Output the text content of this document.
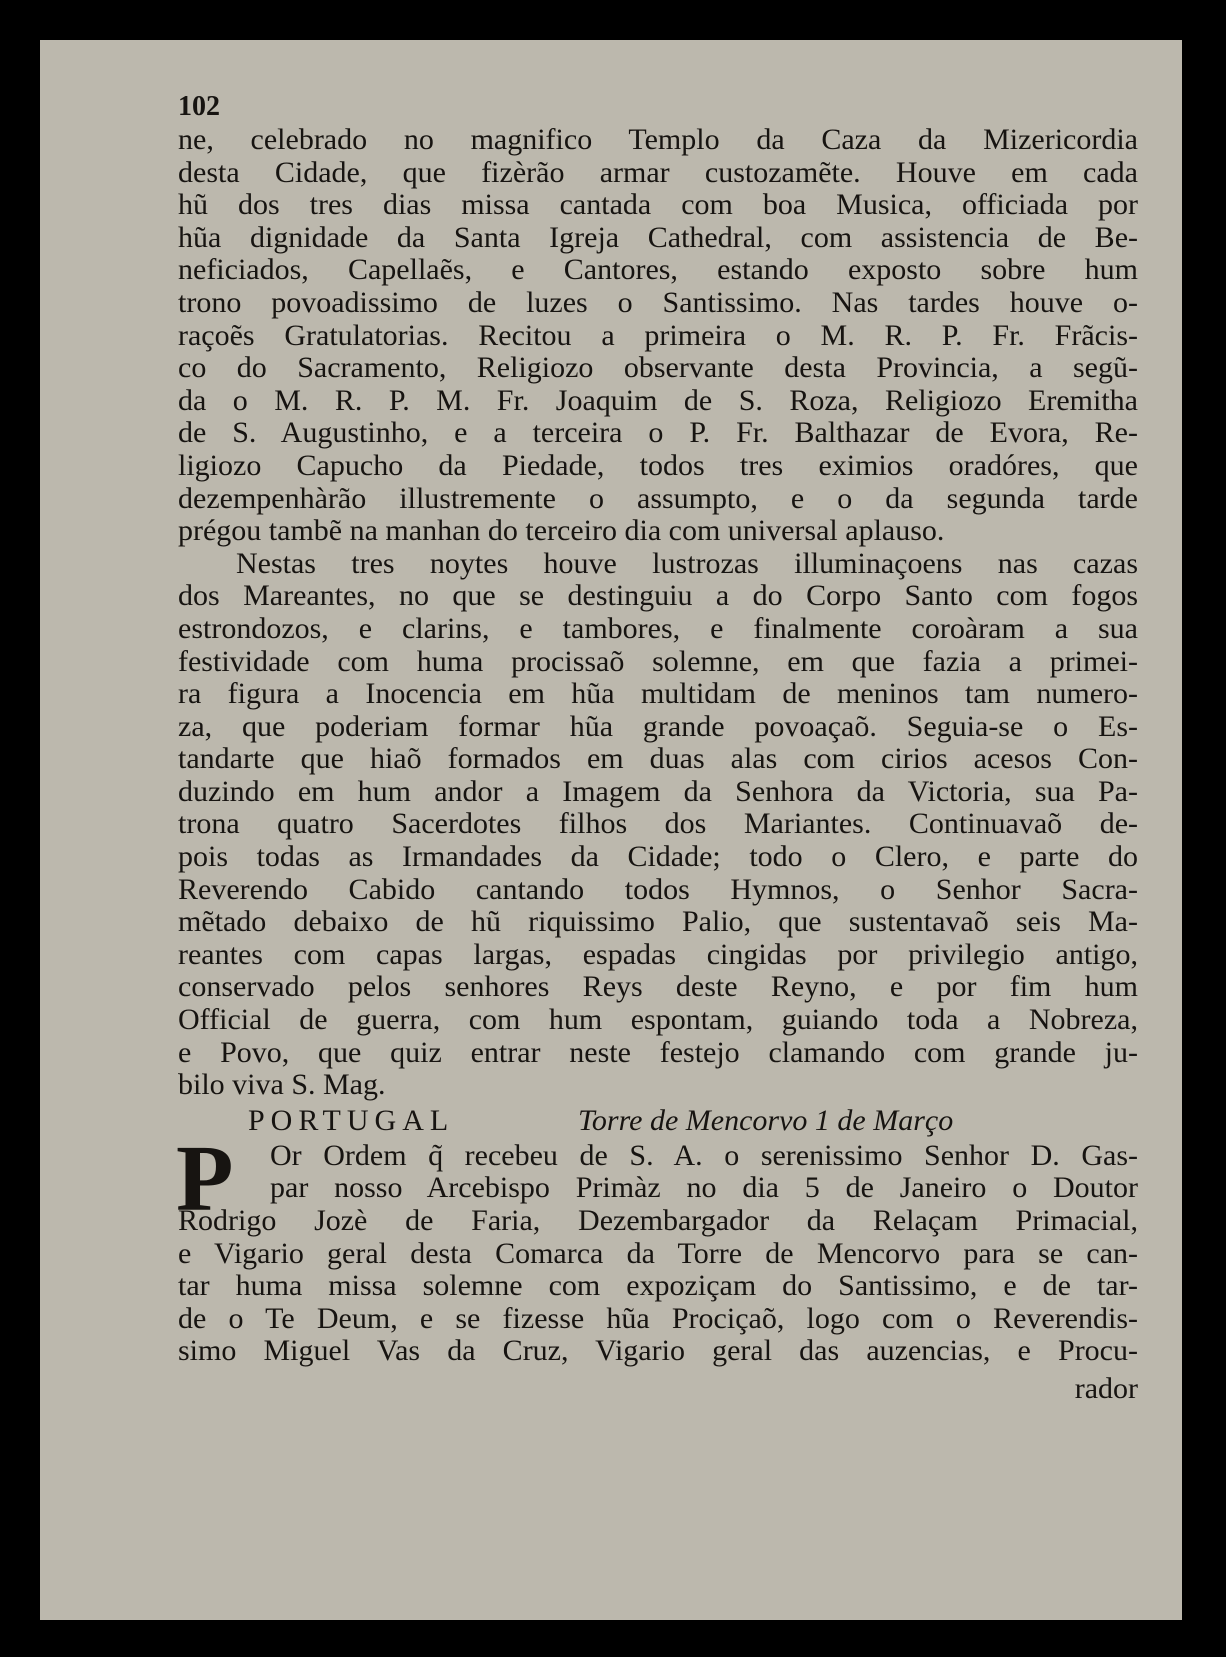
102
ne, celebrado no magnifico Templo da Caza da Mizericordia
desta Cidade, que fizèrão armar custozamẽte. Houve em cada
hũ dos tres dias missa cantada com boa Musica, officiada por
hũa dignidade da Santa Igreja Cathedral, com assistencia de Be-
neficiados, Capellaẽs, e Cantores, estando exposto sobre hum
trono povoadissimo de luzes o Santissimo. Nas tardes houve o-
raçoẽs Gratulatorias. Recitou a primeira o M. R. P. Fr. Frãcis-
co do Sacramento, Religiozo observante desta Provincia, a segũ-
da o M. R. P. M. Fr. Joaquim de S. Roza, Religiozo Eremitha
de S. Augustinho, e a terceira o P. Fr. Balthazar de Evora, Re-
ligiozo Capucho da Piedade, todos tres eximios oradóres, que
dezempenhàrão illustremente o assumpto, e o da segunda tarde
prégou tambẽ na manhan do terceiro dia com universal aplauso.
Nestas tres noytes houve lustrozas illuminaçoens nas cazas
dos Mareantes, no que se destinguiu a do Corpo Santo com fogos
estrondozos, e clarins, e tambores, e finalmente coroàram a sua
festividade com huma procissaõ solemne, em que fazia a primei-
ra figura a Inocencia em hũa multidam de meninos tam numero-
za, que poderiam formar hũa grande povoaçaõ. Seguia-se o Es-
tandarte que hiaõ formados em duas alas com cirios acesos Con-
duzindo em hum andor a Imagem da Senhora da Victoria, sua Pa-
trona quatro Sacerdotes filhos dos Mariantes. Continuavaõ de-
pois todas as Irmandades da Cidade; todo o Clero, e parte do
Reverendo Cabido cantando todos Hymnos, o Senhor Sacra-
mẽtado debaixo de hũ riquissimo Palio, que sustentavaõ seis Ma-
reantes com capas largas, espadas cingidas por privilegio antigo,
conservado pelos senhores Reys deste Reyno, e por fim hum
Official de guerra, com hum espontam, guiando toda a Nobreza,
e Povo, que quiz entrar neste festejo clamando com grande ju-
bilo viva S. Mag.
PORTUGAL	Torre de Mencorvo 1 de Março
P	Or Ordem q̃ recebeu de S. A. o serenissimo Senhor D. Gas-
par nosso Arcebispo Primàz no dia 5 de Janeiro o Doutor
Rodrigo Jozè de Faria, Dezembargador da Relaçam Primacial,
e Vigario geral desta Comarca da Torre de Mencorvo para se can-
tar huma missa solemne com expoziçam do Santissimo, e de tar-
de o Te Deum, e se fizesse hũa Prociçaõ, logo com o Reverendis-
simo Miguel Vas da Cruz, Vigario geral das auzencias, e Procu-
rador
